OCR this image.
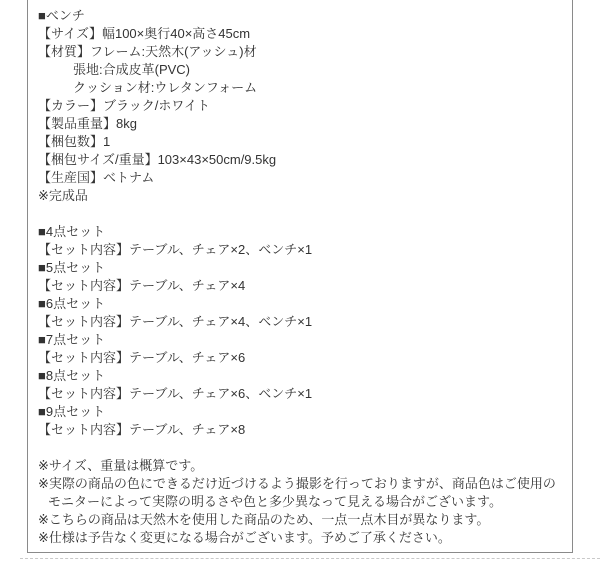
■ベンチ
【サイズ】幅100×奥行40×高さ45cm
【材質】フレーム:天然木(アッシュ)材
張地:合成皮革(PVC)
クッション材:ウレタンフォーム
【カラー】ブラック/ホワイト
【製品重量】8kg
【梱包数】1
【梱包サイズ/重量】103×43×50cm/9.5kg
【生産国】ベトナム
※完成品
■4点セット
【セット内容】テーブル、チェア×2、ベンチ×1
■5点セット
【セット内容】テーブル、チェア×4
■6点セット
【セット内容】テーブル、チェア×4、ベンチ×1
■7点セット
【セット内容】テーブル、チェア×6
■8点セット
【セット内容】テーブル、チェア×6、ベンチ×1
■9点セット
【セット内容】テーブル、チェア×8
※サイズ、重量は概算です。
※実際の商品の色にできるだけ近づけるよう撮影を行っておりますが、商品色はご使用の
モニターによって実際の明るさや色と多少異なって見える場合がございます。
※こちらの商品は天然木を使用した商品のため、一点一点木目が異なります。
※仕様は予告なく変更になる場合がございます。予めご了承ください。
